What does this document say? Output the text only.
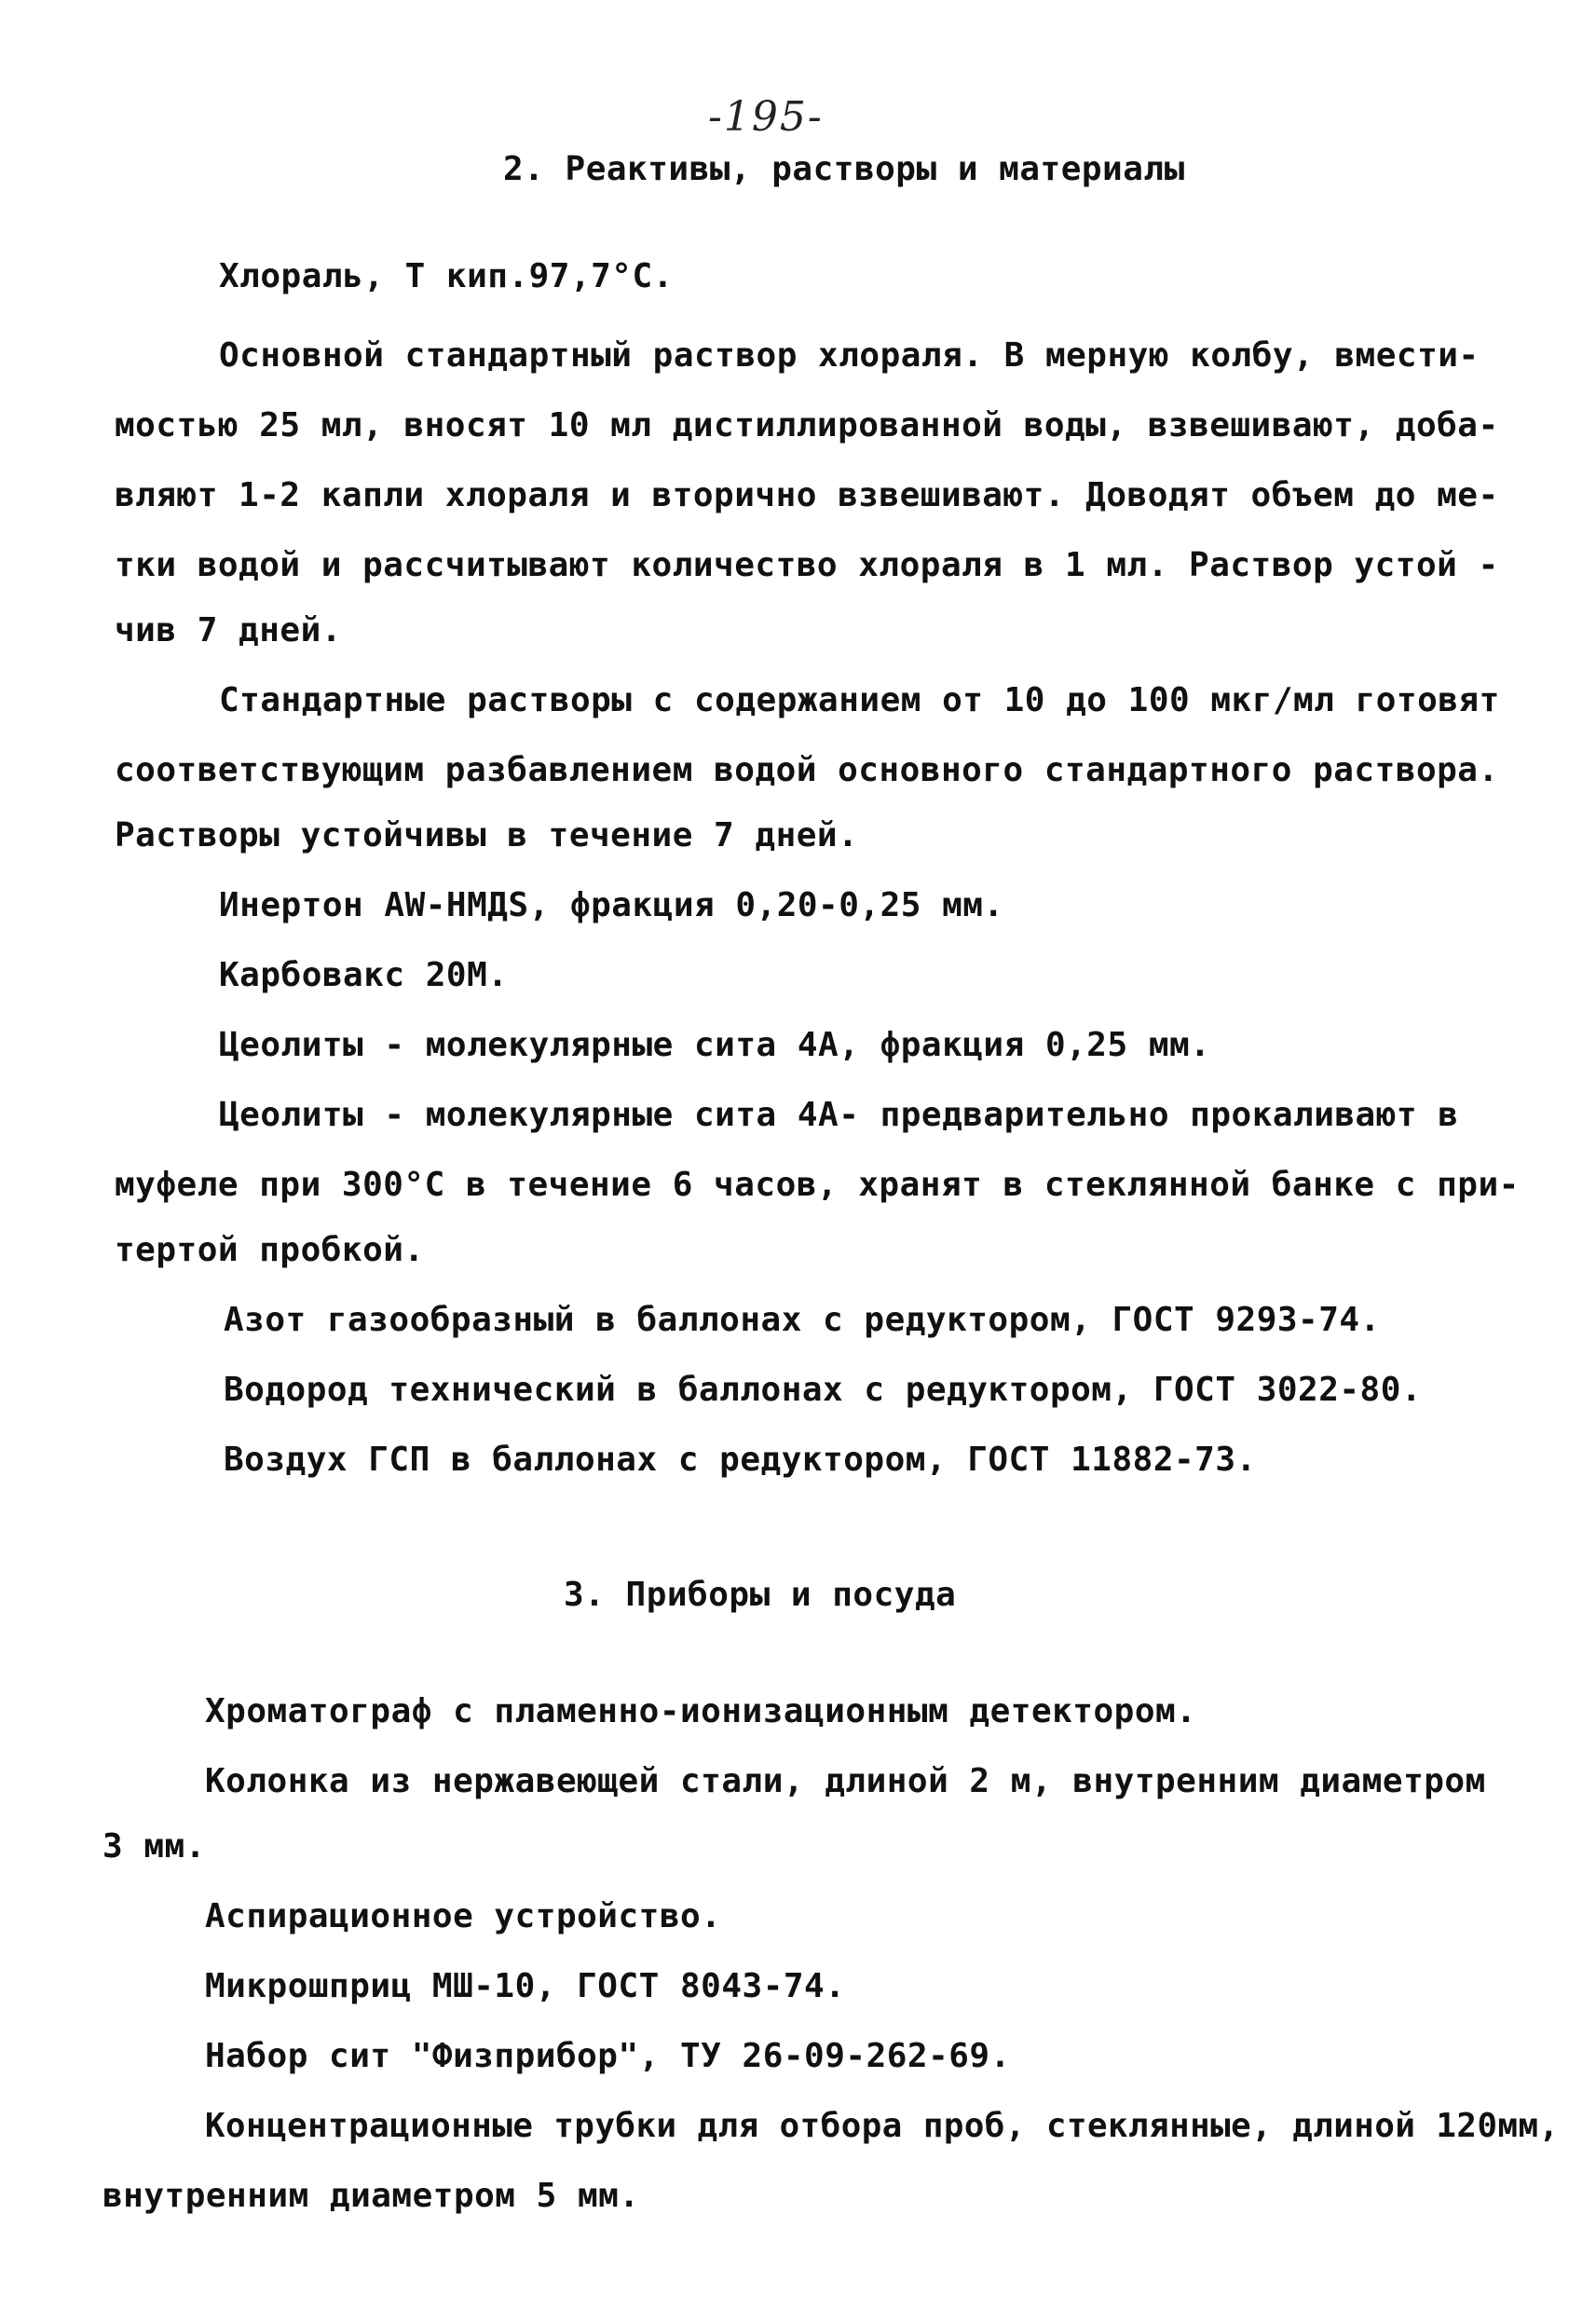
-195-
2. Реактивы, растворы и материалы
Хлораль, Т кип.97,7°С.
Основной стандартный раствор хлораля. В мерную колбу, вмести-
мостью 25 мл, вносят 10 мл дистиллированной воды, взвешивают, доба-
вляют 1-2 капли хлораля и вторично взвешивают. Доводят объем до ме-
тки водой и рассчитывают количество хлораля в 1 мл. Раствор устой -
чив 7 дней.
Стандартные растворы с содержанием от 10 до 100 мкг/мл готовят
соответствующим разбавлением водой основного стандартного раствора.
Растворы устойчивы в течение 7 дней.
Инертон AW-HMДS, фракция 0,20-0,25 мм.
Карбовакс 20М.
Цеолиты - молекулярные сита 4А, фракция 0,25 мм.
Цеолиты - молекулярные сита 4А- предварительно прокаливают в
муфеле при 300°С в течение 6 часов, хранят в стеклянной банке с при-
тертой пробкой.
Азот газообразный в баллонах с редуктором, ГОСТ 9293-74.
Водород технический в баллонах с редуктором, ГОСТ 3022-80.
Воздух ГСП в баллонах с редуктором, ГОСТ 11882-73.
3. Приборы и посуда
Хроматограф с пламенно-ионизационным детектором.
Колонка из нержавеющей стали, длиной 2 м, внутренним диаметром
3 мм.
Аспирационное устройство.
Микрошприц МШ-10, ГОСТ 8043-74.
Набор сит "Физприбор", ТУ 26-09-262-69.
Концентрационные трубки для отбора проб, стеклянные, длиной 120мм,
внутренним диаметром 5 мм.
